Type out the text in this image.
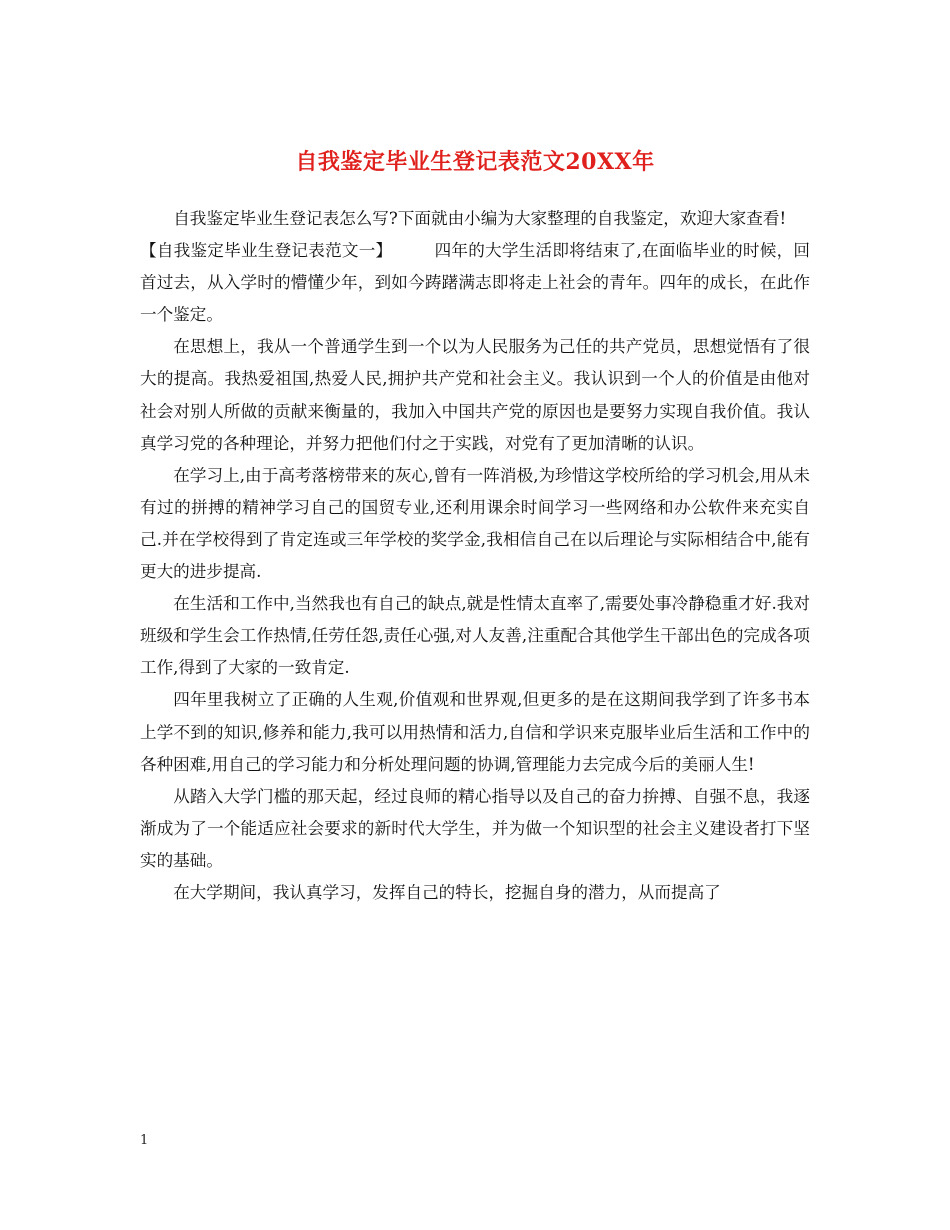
自我鉴定毕业生登记表范文20XX年

自我鉴定毕业生登记表怎么写?下面就由小编为大家整理的自我鉴定，欢迎大家查看!

【自我鉴定毕业生登记表范文一】	四年的大学生活即将结束了,在面临毕业的时候，回首过去，从入学时的懵懂少年，到如今踌躇满志即将走上社会的青年。四年的成长，在此作一个鉴定。

在思想上，我从一个普通学生到一个以为人民服务为己任的共产党员，思想觉悟有了很大的提高。我热爱祖国,热爱人民,拥护共产党和社会主义。我认识到一个人的价值是由他对社会对别人所做的贡献来衡量的，我加入中国共产党的原因也是要努力实现自我价值。我认真学习党的各种理论，并努力把他们付之于实践，对党有了更加清晰的认识。

在学习上,由于高考落榜带来的灰心,曾有一阵消极,为珍惜这学校所给的学习机会,用从未有过的拼搏的精神学习自己的国贸专业,还利用课余时间学习一些网络和办公软件来充实自己.并在学校得到了肯定连或三年学校的奖学金,我相信自己在以后理论与实际相结合中,能有更大的进步提高.

在生活和工作中,当然我也有自己的缺点,就是性情太直率了,需要处事冷静稳重才好.我对班级和学生会工作热情,任劳任怨,责任心强,对人友善,注重配合其他学生干部出色的完成各项工作,得到了大家的一致肯定.

四年里我树立了正确的人生观,价值观和世界观,但更多的是在这期间我学到了许多书本上学不到的知识,修养和能力,我可以用热情和活力,自信和学识来克服毕业后生活和工作中的各种困难,用自己的学习能力和分析处理问题的协调,管理能力去完成今后的美丽人生!

从踏入大学门槛的那天起，经过良师的精心指导以及自己的奋力拚搏、自强不息，我逐渐成为了一个能适应社会要求的新时代大学生，并为做一个知识型的社会主义建设者打下坚实的基础。

在大学期间，我认真学习，发挥自己的特长，挖掘自身的潜力，从而提高了

1
